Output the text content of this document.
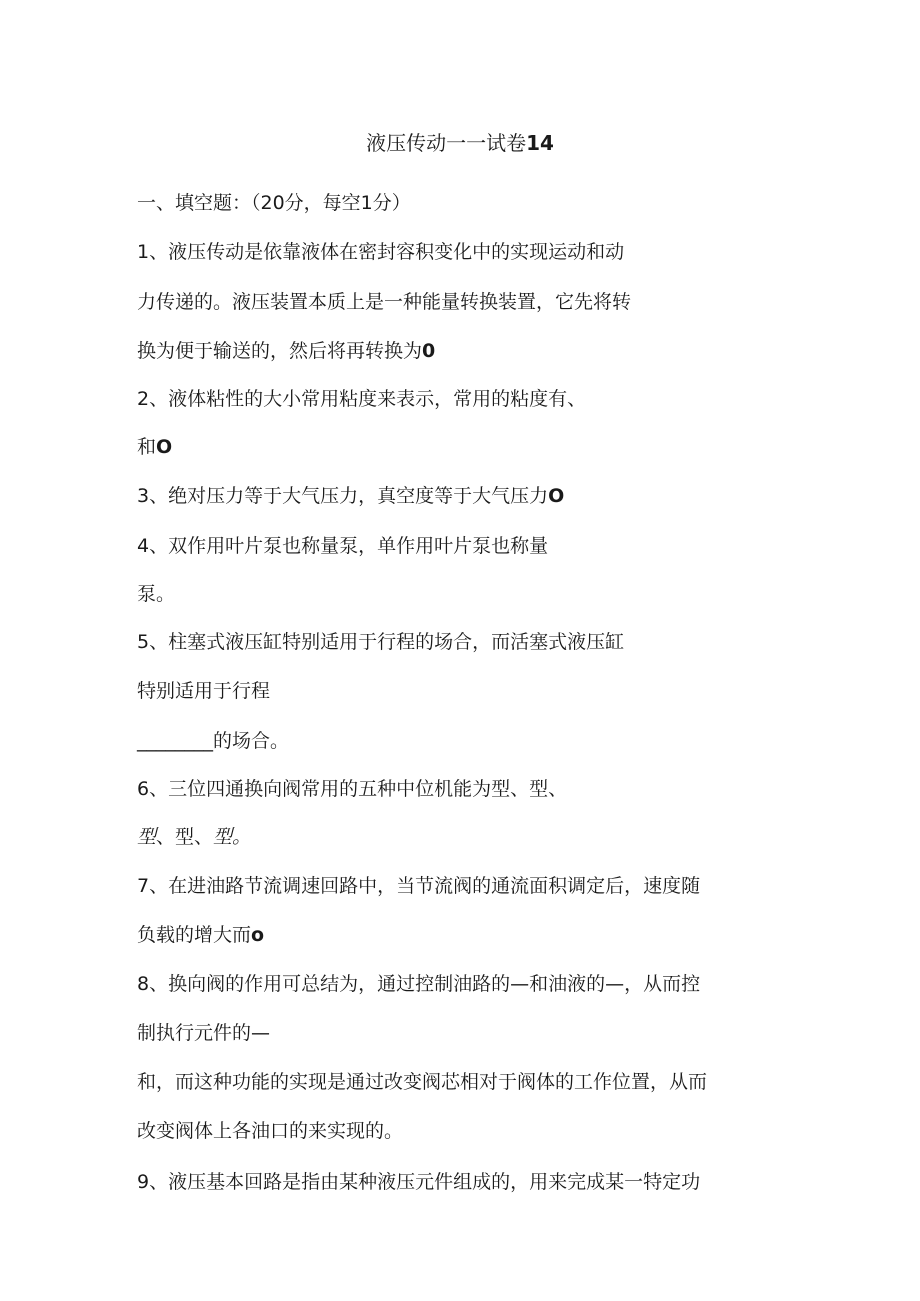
液压传动一一试卷14
一、填空题：（20分，每空1分）
1、液压传动是依靠液体在密封容积变化中的实现运动和动
力传递的。液压装置本质上是一种能量转换装置，它先将转
换为便于输送的，然后将再转换为0
2、液体粘性的大小常用粘度来表示，常用的粘度有、
和O
3、绝对压力等于大气压力，真空度等于大气压力O
4、双作用叶片泵也称量泵，单作用叶片泵也称量
泵。
5、柱塞式液压缸特别适用于行程的场合，而活塞式液压缸
特别适用于行程
________的场合。
6、三位四通换向阀常用的五种中位机能为型、型、
型、型、型。
7、在进油路节流调速回路中，当节流阀的通流面积调定后，速度随
负载的增大而o
8、换向阀的作用可总结为，通过控制油路的—和油液的—，从而控
制执行元件的—
和，而这种功能的实现是通过改变阀芯相对于阀体的工作位置，从而
改变阀体上各油口的来实现的。
9、液压基本回路是指由某种液压元件组成的，用来完成某一特定功
